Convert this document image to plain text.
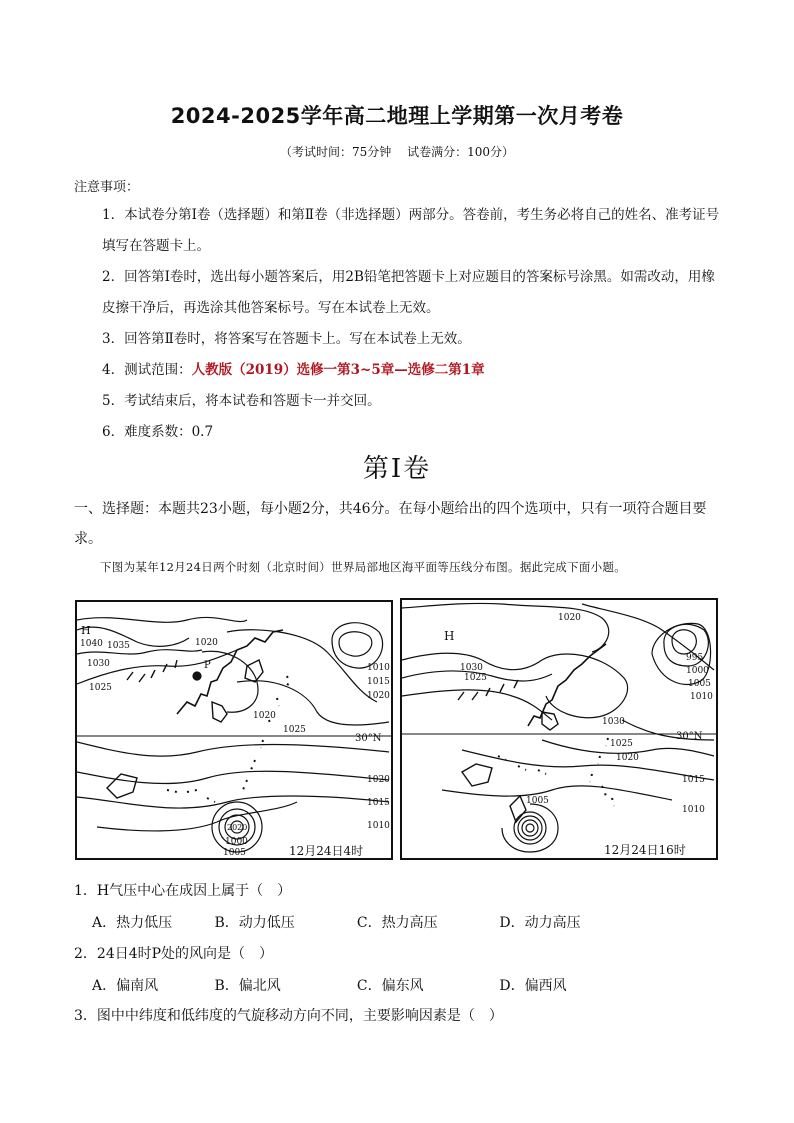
2024-2025学年高二地理上学期第一次月考卷
（考试时间：75分钟 试卷满分：100分）
注意事项：
1．本试卷分第Ⅰ卷（选择题）和第Ⅱ卷（非选择题）两部分。答卷前，考生务必将自己的姓名、准考证号填写在答题卡上。
2．回答第Ⅰ卷时，选出每小题答案后，用2B铅笔把答题卡上对应题目的答案标号涂黑。如需改动，用橡皮擦干净后，再选涂其他答案标号。写在本试卷上无效。
3．回答第Ⅱ卷时，将答案写在答题卡上。写在本试卷上无效。
4．测试范围：人教版（2019）选修一第3~5章—选修二第1章
5．考试结束后，将本试卷和答题卡一并交回。
6．难度系数：0.7
第Ⅰ卷
一、选择题：本题共23小题，每小题2分，共46分。在每小题给出的四个选项中，只有一项符合题目要求。
下图为某年12月24日两个时刻（北京时间）世界局部地区海平面等压线分布图。据此完成下面小题。
H
1040 1035
1030
1025
1020
1025
1020
1020
1015
1010
1010
1015
1020
1000
1005
2020
P
30°N
12月24日4时
1020
H
1030
1025
995
1000
1005
1010
1030
1025
1020
1015
1010
1005
30°N
12月24日16时
1．H气压中心在成因上属于（　）
A．热力低压	B．动力低压	C．热力高压	D．动力高压
2．24日4时P处的风向是（　）
A．偏南风	B．偏北风	C．偏东风	D．偏西风
3．图中中纬度和低纬度的气旋移动方向不同，主要影响因素是（　）
